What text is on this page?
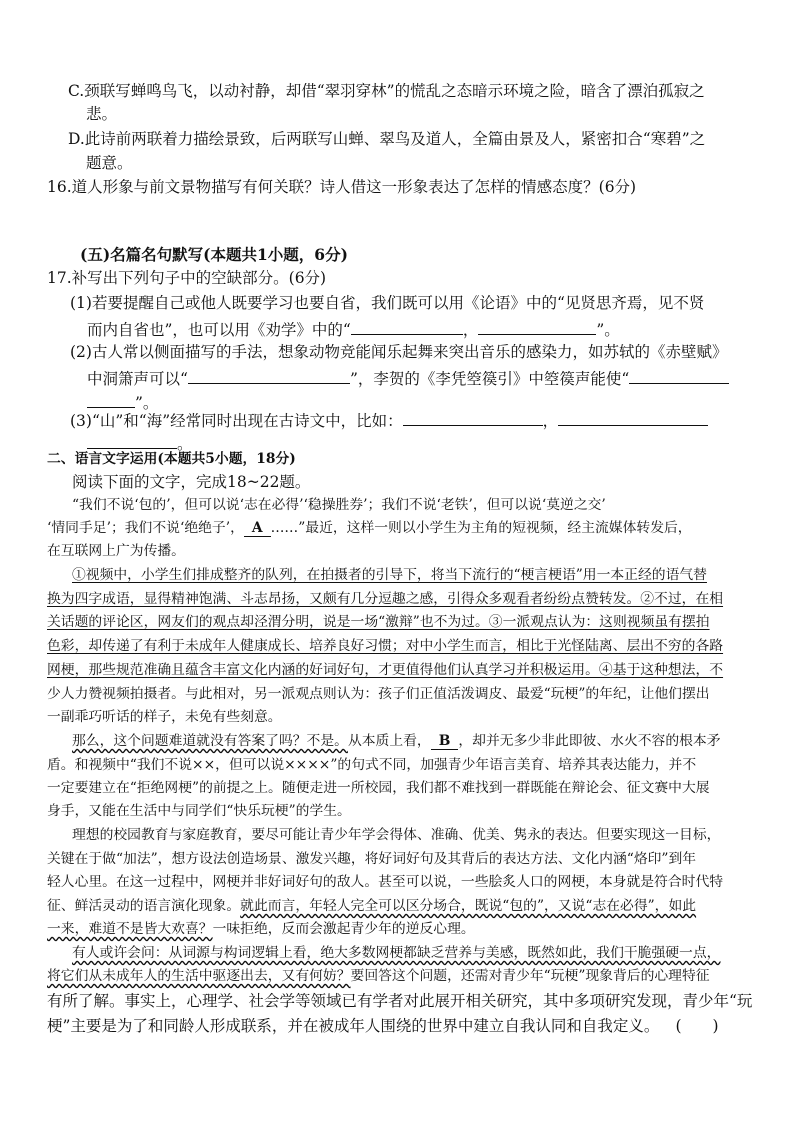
C.颈联写蝉鸣鸟飞，以动衬静，却借“翠羽穿林”的慌乱之态暗示环境之险，暗含了漂泊孤寂之
悲。
D.此诗前两联着力描绘景致，后两联写山蝉、翠鸟及道人，全篇由景及人，紧密扣合“寒碧”之
题意。
16.道人形象与前文景物描写有何关联？诗人借这一形象表达了怎样的情感态度？(6分)
(五)名篇名句默写(本题共1小题，6分)
17.补写出下列句子中的空缺部分。(6分)
(1)若要提醒自己或他人既要学习也要自省，我们既可以用《论语》中的“见贤思齐焉，见不贤
而内自省也”，也可以用《劝学》中的“	，	”。
(2)古人常以侧面描写的手法，想象动物竞能闻乐起舞来突出音乐的感染力，如苏轼的《赤壁赋》
中洞箫声可以“	”，李贺的《李凭箜篌引》中箜篌声能使“
”。
(3)“山”和“海”经常同时出现在古诗文中，比如：	，
。
二、语言文字运用(本题共5小题，18分)
阅读下面的文字，完成18~22题。
“我们不说‘包的’，但可以说‘志在必得’‘稳操胜券’；我们不说‘老铁’，但可以说‘莫逆之交’
‘情同手足’；我们不说‘绝绝子’， A ……”最近，这样一则以小学生为主角的短视频，经主流媒体转发后，
在互联网上广为传播。
①视频中，小学生们排成整齐的队列，在拍摄者的引导下，将当下流行的“梗言梗语”用一本正经的语气替
换为四字成语，显得精神饱满、斗志昂扬，又颇有几分逗趣之感，引得众多观看者纷纷点赞转发。②不过，在相
关话题的评论区，网友们的观点却泾渭分明，说是一场“激辩”也不为过。③一派观点认为：这则视频虽有摆拍
色彩，却传递了有利于未成年人健康成长、培养良好习惯；对中小学生而言，相比于光怪陆离、层出不穷的各路
网梗，那些规范准确且蕴含丰富文化内涵的好词好句，才更值得他们认真学习并积极运用。④基于这种想法，不
少人力赞视频拍摄者。与此相对，另一派观点则认为：孩子们正值活泼调皮、最爱“玩梗”的年纪，让他们摆出
一副乖巧听话的样子，未免有些刻意。
那么，这个问题难道就没有答案了吗？不是。从本质上看， B ，却并无多少非此即彼、水火不容的根本矛
盾。和视频中“我们不说××，但可以说××××”的句式不同，加强青少年语言美育、培养其表达能力，并不
一定要建立在“拒绝网梗”的前提之上。随便走进一所校园，我们都不难找到一群既能在辩论会、征文赛中大展
身手，又能在生活中与同学们“快乐玩梗”的学生。
理想的校园教育与家庭教育，要尽可能让青少年学会得体、准确、优美、隽永的表达。但要实现这一目标，
关键在于做“加法”，想方设法创造场景、激发兴趣，将好词好句及其背后的表达方法、文化内涵“烙印”到年
轻人心里。在这一过程中，网梗并非好词好句的敌人。甚至可以说，一些脍炙人口的网梗，本身就是符合时代特
征、鲜活灵动的语言演化现象。就此而言，年轻人完全可以区分场合，既说“包的”，又说“志在必得”，如此
一来，难道不是皆大欢喜？一味拒绝，反而会激起青少年的逆反心理。
有人或许会问：从词源与构词逻辑上看，绝大多数网梗都缺乏营养与美感，既然如此，我们干脆强硬一点，
将它们从未成年人的生活中驱逐出去，又有何妨？要回答这个问题，还需对青少年“玩梗”现象背后的心理特征
有所了解。事实上，心理学、社会学等领域已有学者对此展开相关研究，其中多项研究发现，青少年“玩
梗”主要是为了和同龄人形成联系，并在被成年人围绕的世界中建立自我认同和自我定义。 (　　)
